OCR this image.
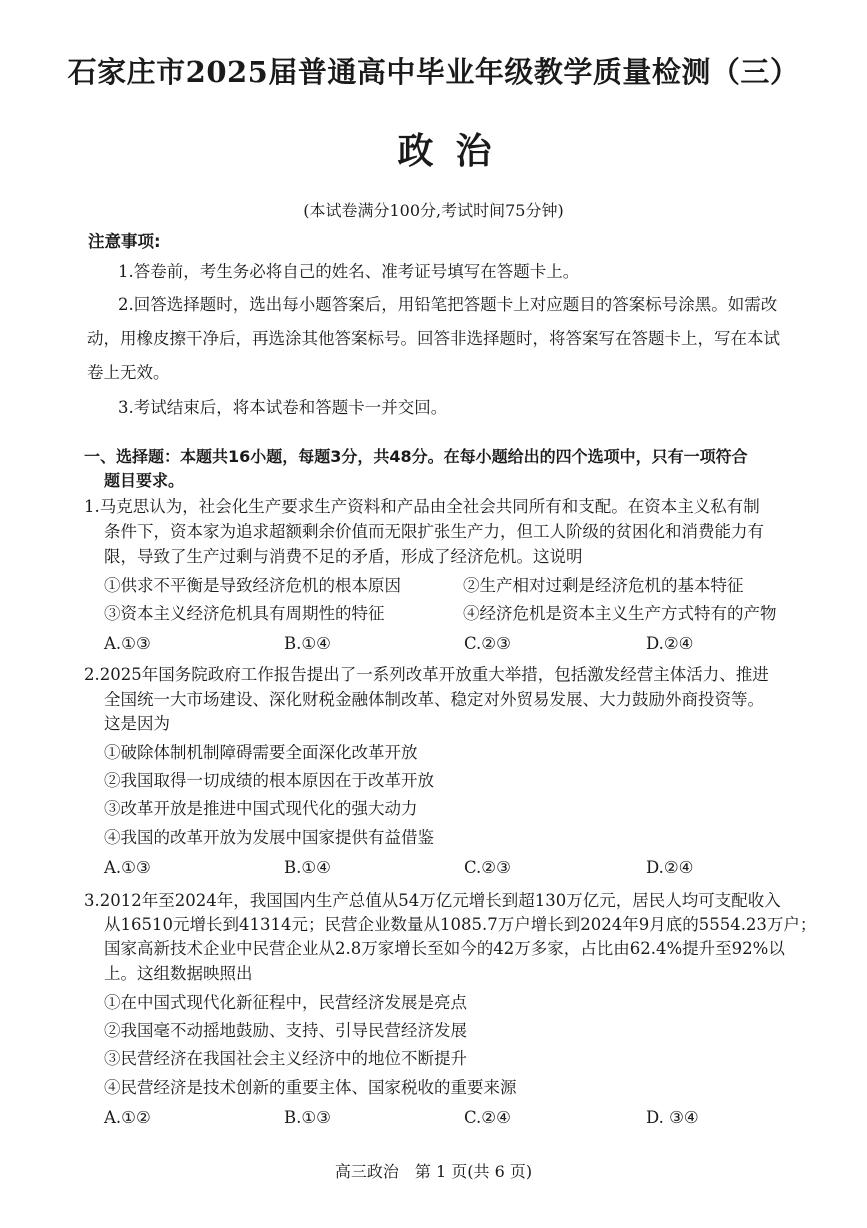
石家庄市2025届普通高中毕业年级教学质量检测（三）
政治
(本试卷满分100分,考试时间75分钟)
注意事项:
1.答卷前，考生务必将自己的姓名、准考证号填写在答题卡上。
2.回答选择题时，选出每小题答案后，用铅笔把答题卡上对应题目的答案标号涂黑。如需改
动，用橡皮擦干净后，再选涂其他答案标号。回答非选择题时，将答案写在答题卡上，写在本试
卷上无效。
3.考试结束后，将本试卷和答题卡一并交回。
一、选择题：本题共16小题，每题3分，共48分。在每小题给出的四个选项中，只有一项符合
题目要求。
1.马克思认为，社会化生产要求生产资料和产品由全社会共同所有和支配。在资本主义私有制
条件下，资本家为追求超额剩余价值而无限扩张生产力，但工人阶级的贫困化和消费能力有
限，导致了生产过剩与消费不足的矛盾，形成了经济危机。这说明
①供求不平衡是导致经济危机的根本原因	②生产相对过剩是经济危机的基本特征
③资本主义经济危机具有周期性的特征	④经济危机是资本主义生产方式特有的产物
A.①③	B.①④	C.②③	D.②④
2.2025年国务院政府工作报告提出了一系列改革开放重大举措，包括激发经营主体活力、推进
全国统一大市场建设、深化财税金融体制改革、稳定对外贸易发展、大力鼓励外商投资等。
这是因为
①破除体制机制障碍需要全面深化改革开放
②我国取得一切成绩的根本原因在于改革开放
③改革开放是推进中国式现代化的强大动力
④我国的改革开放为发展中国家提供有益借鉴
A.①③	B.①④	C.②③	D.②④
3.2012年至2024年，我国国内生产总值从54万亿元增长到超130万亿元，居民人均可支配收入
从16510元增长到41314元；民营企业数量从1085.7万户增长到2024年9月底的5554.23万户；
国家高新技术企业中民营企业从2.8万家增长至如今的42万多家，占比由62.4%提升至92%以
上。这组数据映照出
①在中国式现代化新征程中，民营经济发展是亮点
②我国毫不动摇地鼓励、支持、引导民营经济发展
③民营经济在我国社会主义经济中的地位不断提升
④民营经济是技术创新的重要主体、国家税收的重要来源
A.①②	B.①③	C.②④	D. ③④
高三政治　第 1 页(共 6 页)
